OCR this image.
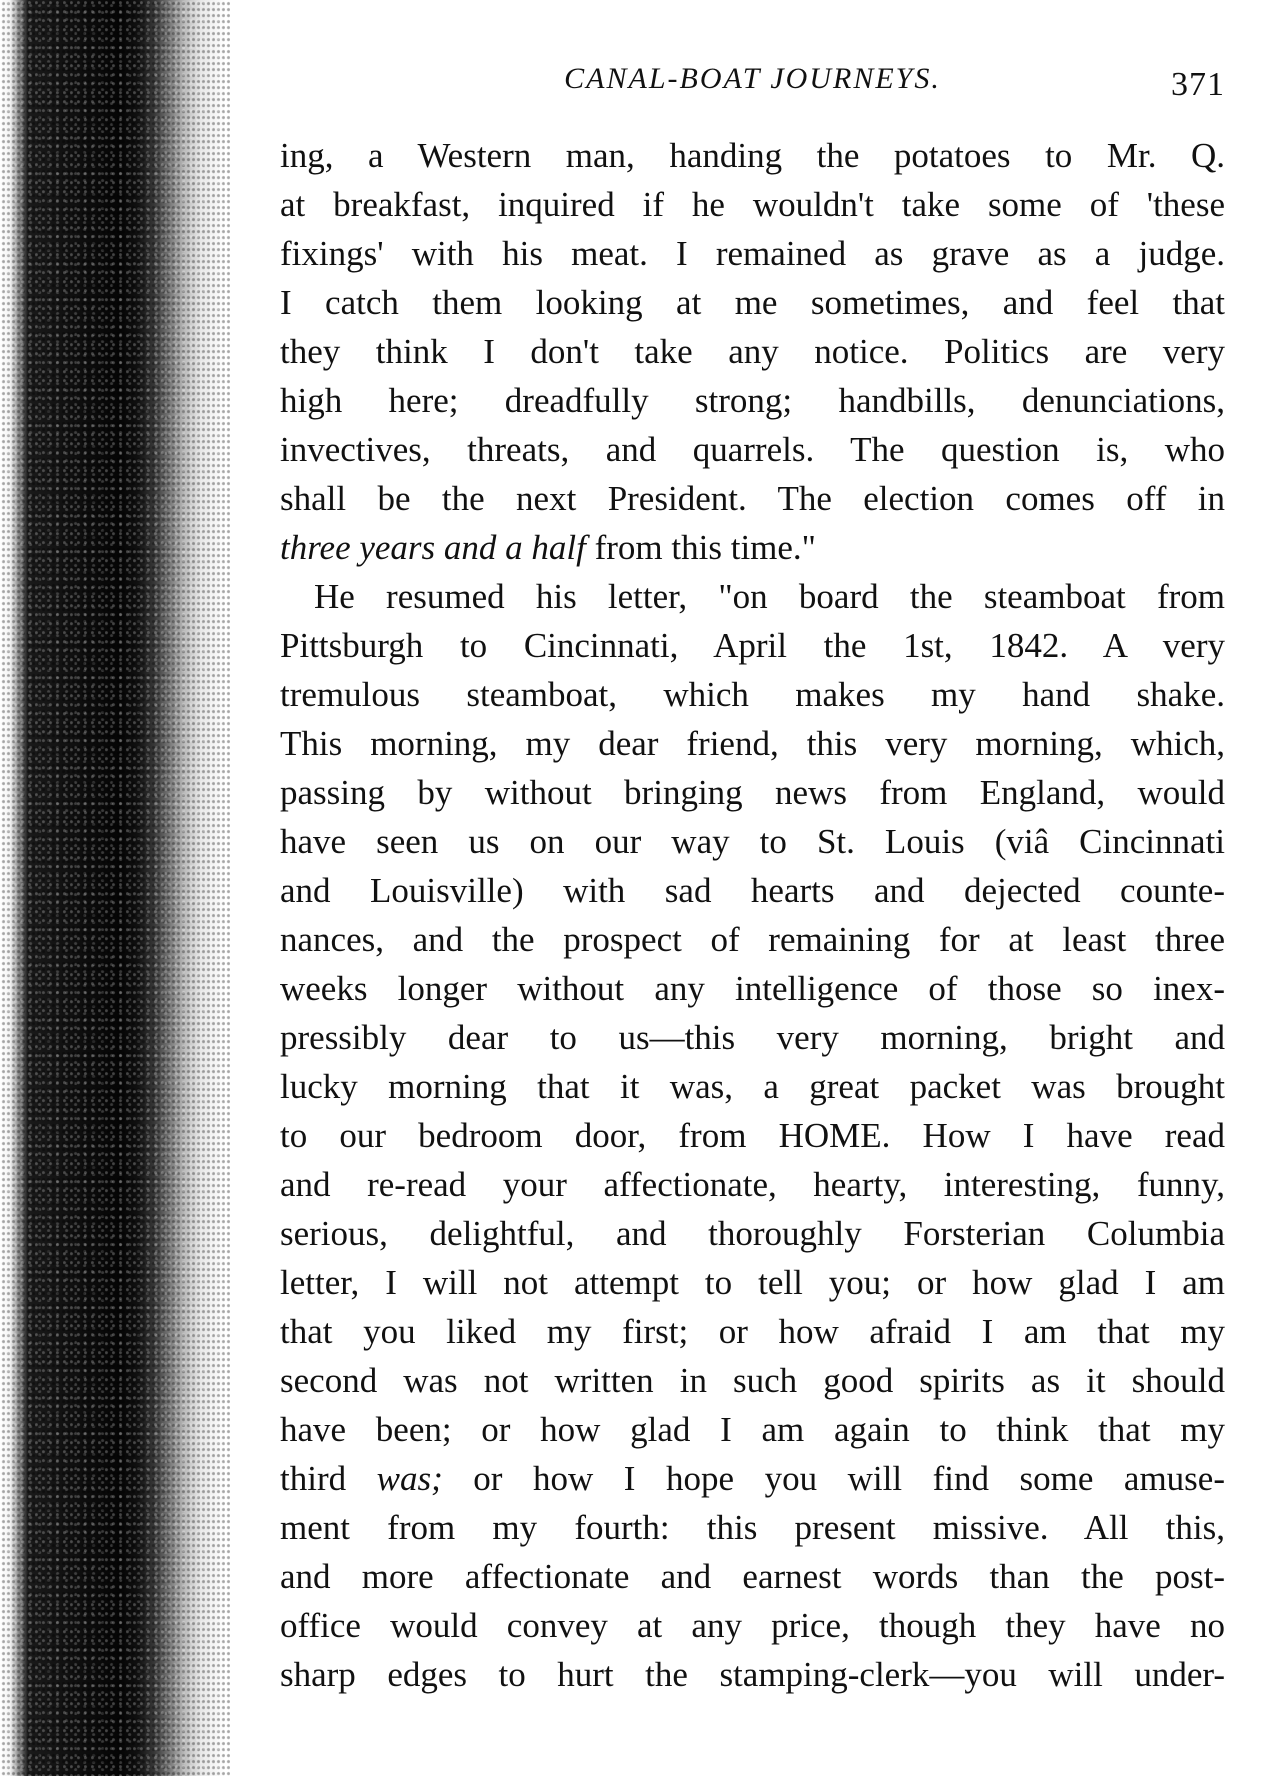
CANAL-BOAT JOURNEYS.	371
ing, a Western man, handing the potatoes to Mr. Q.
at breakfast, inquired if he wouldn't take some of 'these
fixings' with his meat. I remained as grave as a judge.
I catch them looking at me sometimes, and feel that
they think I don't take any notice. Politics are very
high here; dreadfully strong; handbills, denunciations,
invectives, threats, and quarrels. The question is, who
shall be the next President. The election comes off in
three years and a half from this time."
He resumed his letter, "on board the steamboat from
Pittsburgh to Cincinnati, April the 1st, 1842. A very
tremulous steamboat, which makes my hand shake.
This morning, my dear friend, this very morning, which,
passing by without bringing news from England, would
have seen us on our way to St. Louis (viâ Cincinnati
and Louisville) with sad hearts and dejected counte-
nances, and the prospect of remaining for at least three
weeks longer without any intelligence of those so inex-
pressibly dear to us—this very morning, bright and
lucky morning that it was, a great packet was brought
to our bedroom door, from HOME. How I have read
and re-read your affectionate, hearty, interesting, funny,
serious, delightful, and thoroughly Forsterian Columbia
letter, I will not attempt to tell you; or how glad I am
that you liked my first; or how afraid I am that my
second was not written in such good spirits as it should
have been; or how glad I am again to think that my
third was; or how I hope you will find some amuse-
ment from my fourth: this present missive. All this,
and more affectionate and earnest words than the post-
office would convey at any price, though they have no
sharp edges to hurt the stamping-clerk—you will under-
